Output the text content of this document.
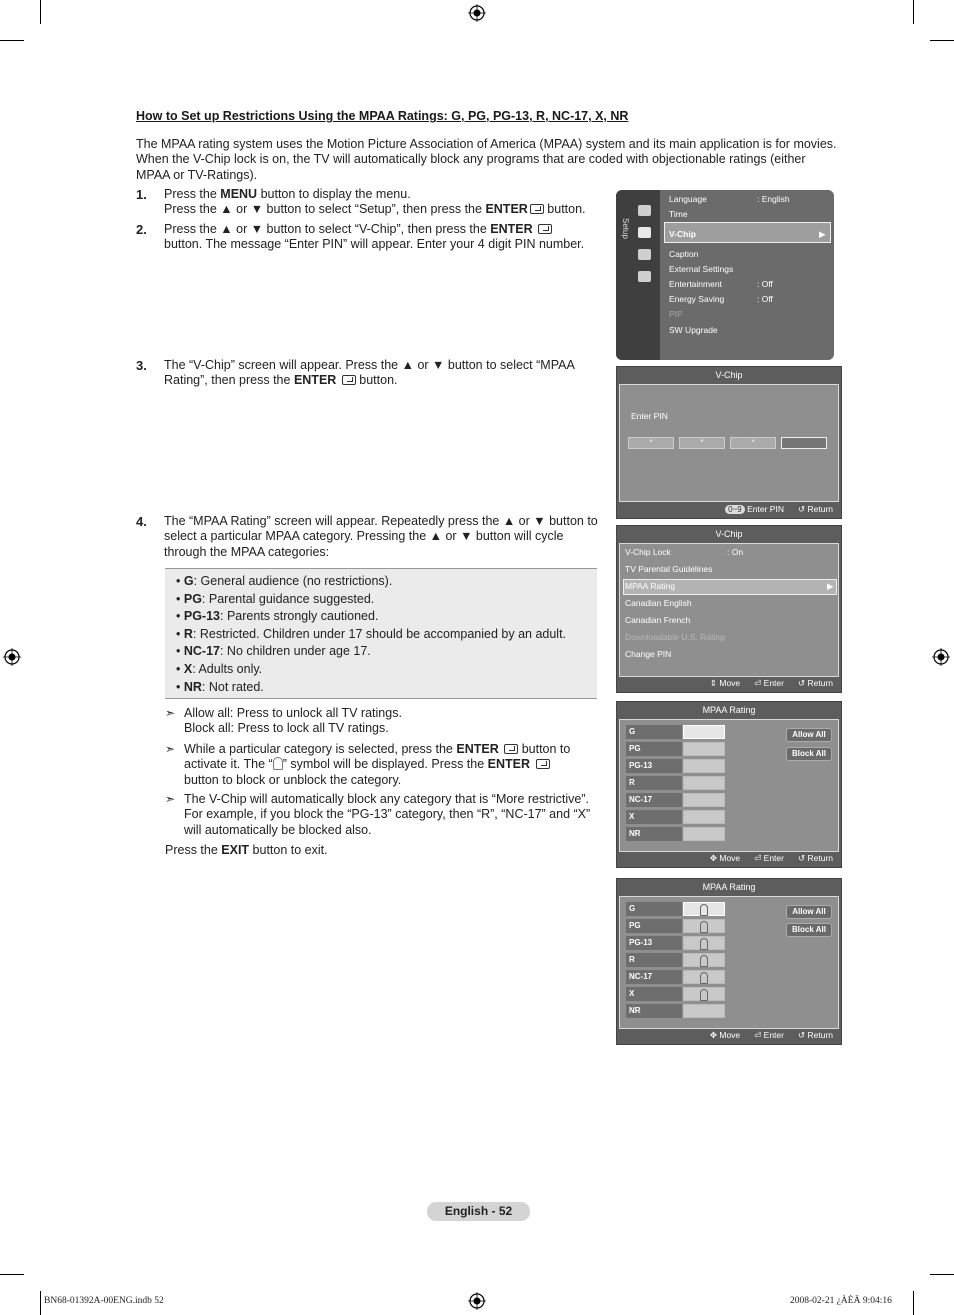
How to Set up Restrictions Using the MPAA Ratings: G, PG, PG-13, R, NC-17, X, NR
The MPAA rating system uses the Motion Picture Association of America (MPAA) system and its main application is for movies. When the V-Chip lock is on, the TV will automatically block any programs that are coded with objectionable ratings (either MPAA or TV-Ratings).
1. Press the MENU button to display the menu.
Press the ▲ or ▼ button to select “Setup”, then press the ENTER button.
2. Press the ▲ or ▼ button to select “V-Chip”, then press the ENTER
button. The message “Enter PIN” will appear. Enter your 4 digit PIN number.
Setup
Language	: English
Time
V-Chip	▶
Caption
External Settings
Entertainment	: Off
Energy Saving	: Off
PIP
SW Upgrade
3. The “V-Chip” screen will appear. Press the ▲ or ▼ button to select “MPAA Rating”, then press the ENTER  button.	V-Chip
0~9 Enter PIN ↺ Return
Enter PIN
*	*	*
4. The “MPAA Rating” screen will appear. Repeatedly press the ▲ or ▼ button to select a particular MPAA category. Pressing the ▲ or ▼ button will cycle through the MPAA categories:
• G: General audience (no restrictions).
• PG: Parental guidance suggested.
• PG-13: Parents strongly cautioned.
• R: Restricted. Children under 17 should be accompanied by an adult.
• NC-17: No children under age 17.
• X: Adults only.
• NR: Not rated.
➣ Allow all: Press to unlock all TV ratings.
Block all: Press to lock all TV ratings.
➣ While a particular category is selected, press the ENTER  button to activate it. The “ ” symbol will be displayed. Press the ENTER
button to block or unblock the category.
➣ The V-Chip will automatically block any category that is “More restrictive”. For example, if you block the “PG-13” category, then “R”, “NC-17” and “X” will automatically be blocked also.
Press the EXIT button to exit.
V-Chip
⇕ Move ⏎ Enter ↺ Return
V-Chip Lock	: On
TV Parental Guidelines
MPAA Rating	▶
Canadian English
Canadian French
Downloadable U.S. Rating
Change PIN
MPAA Rating
✥ Move ⏎ Enter ↺ Return
G
PG
PG-13
R
NC-17
X
NR
Allow All
Block All
MPAA Rating
✥ Move ⏎ Enter ↺ Return
G
PG
PG-13
R
NC-17
X
NR
Allow All
Block All
English - 52
BN68-01392A-00ENG.indb 52	2008-02-21 ¿ÀÈÄ 9:04:16
